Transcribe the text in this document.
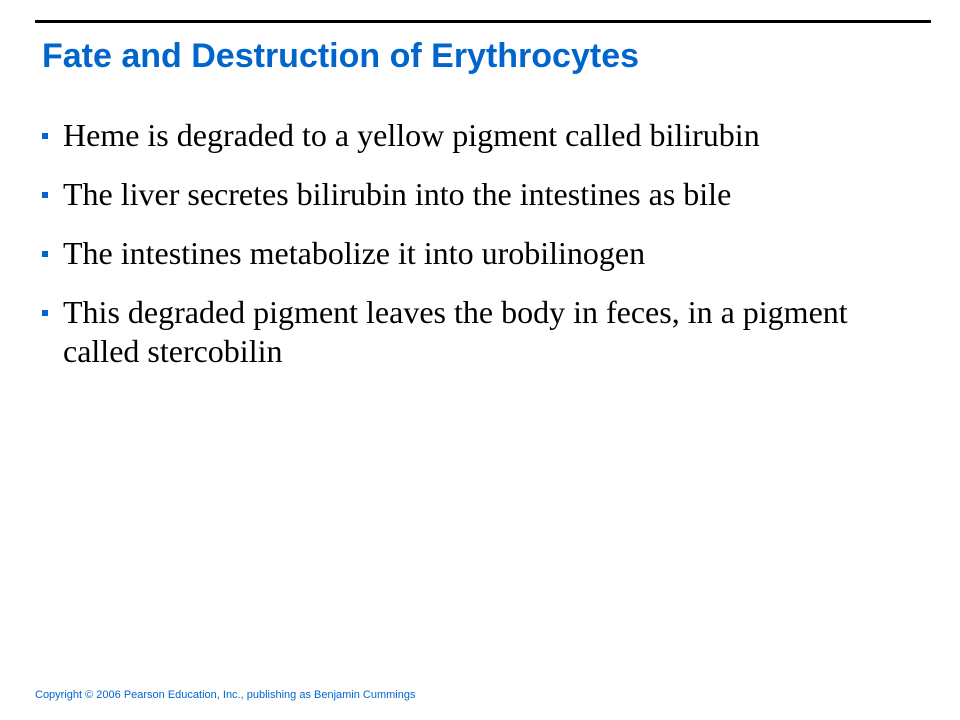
Fate and Destruction of Erythrocytes
Heme is degraded to a yellow pigment called bilirubin
The liver secretes bilirubin into the intestines as bile
The intestines metabolize it into urobilinogen
This degraded pigment leaves the body in feces, in a pigment called stercobilin
Copyright © 2006 Pearson Education, Inc., publishing as Benjamin Cummings
